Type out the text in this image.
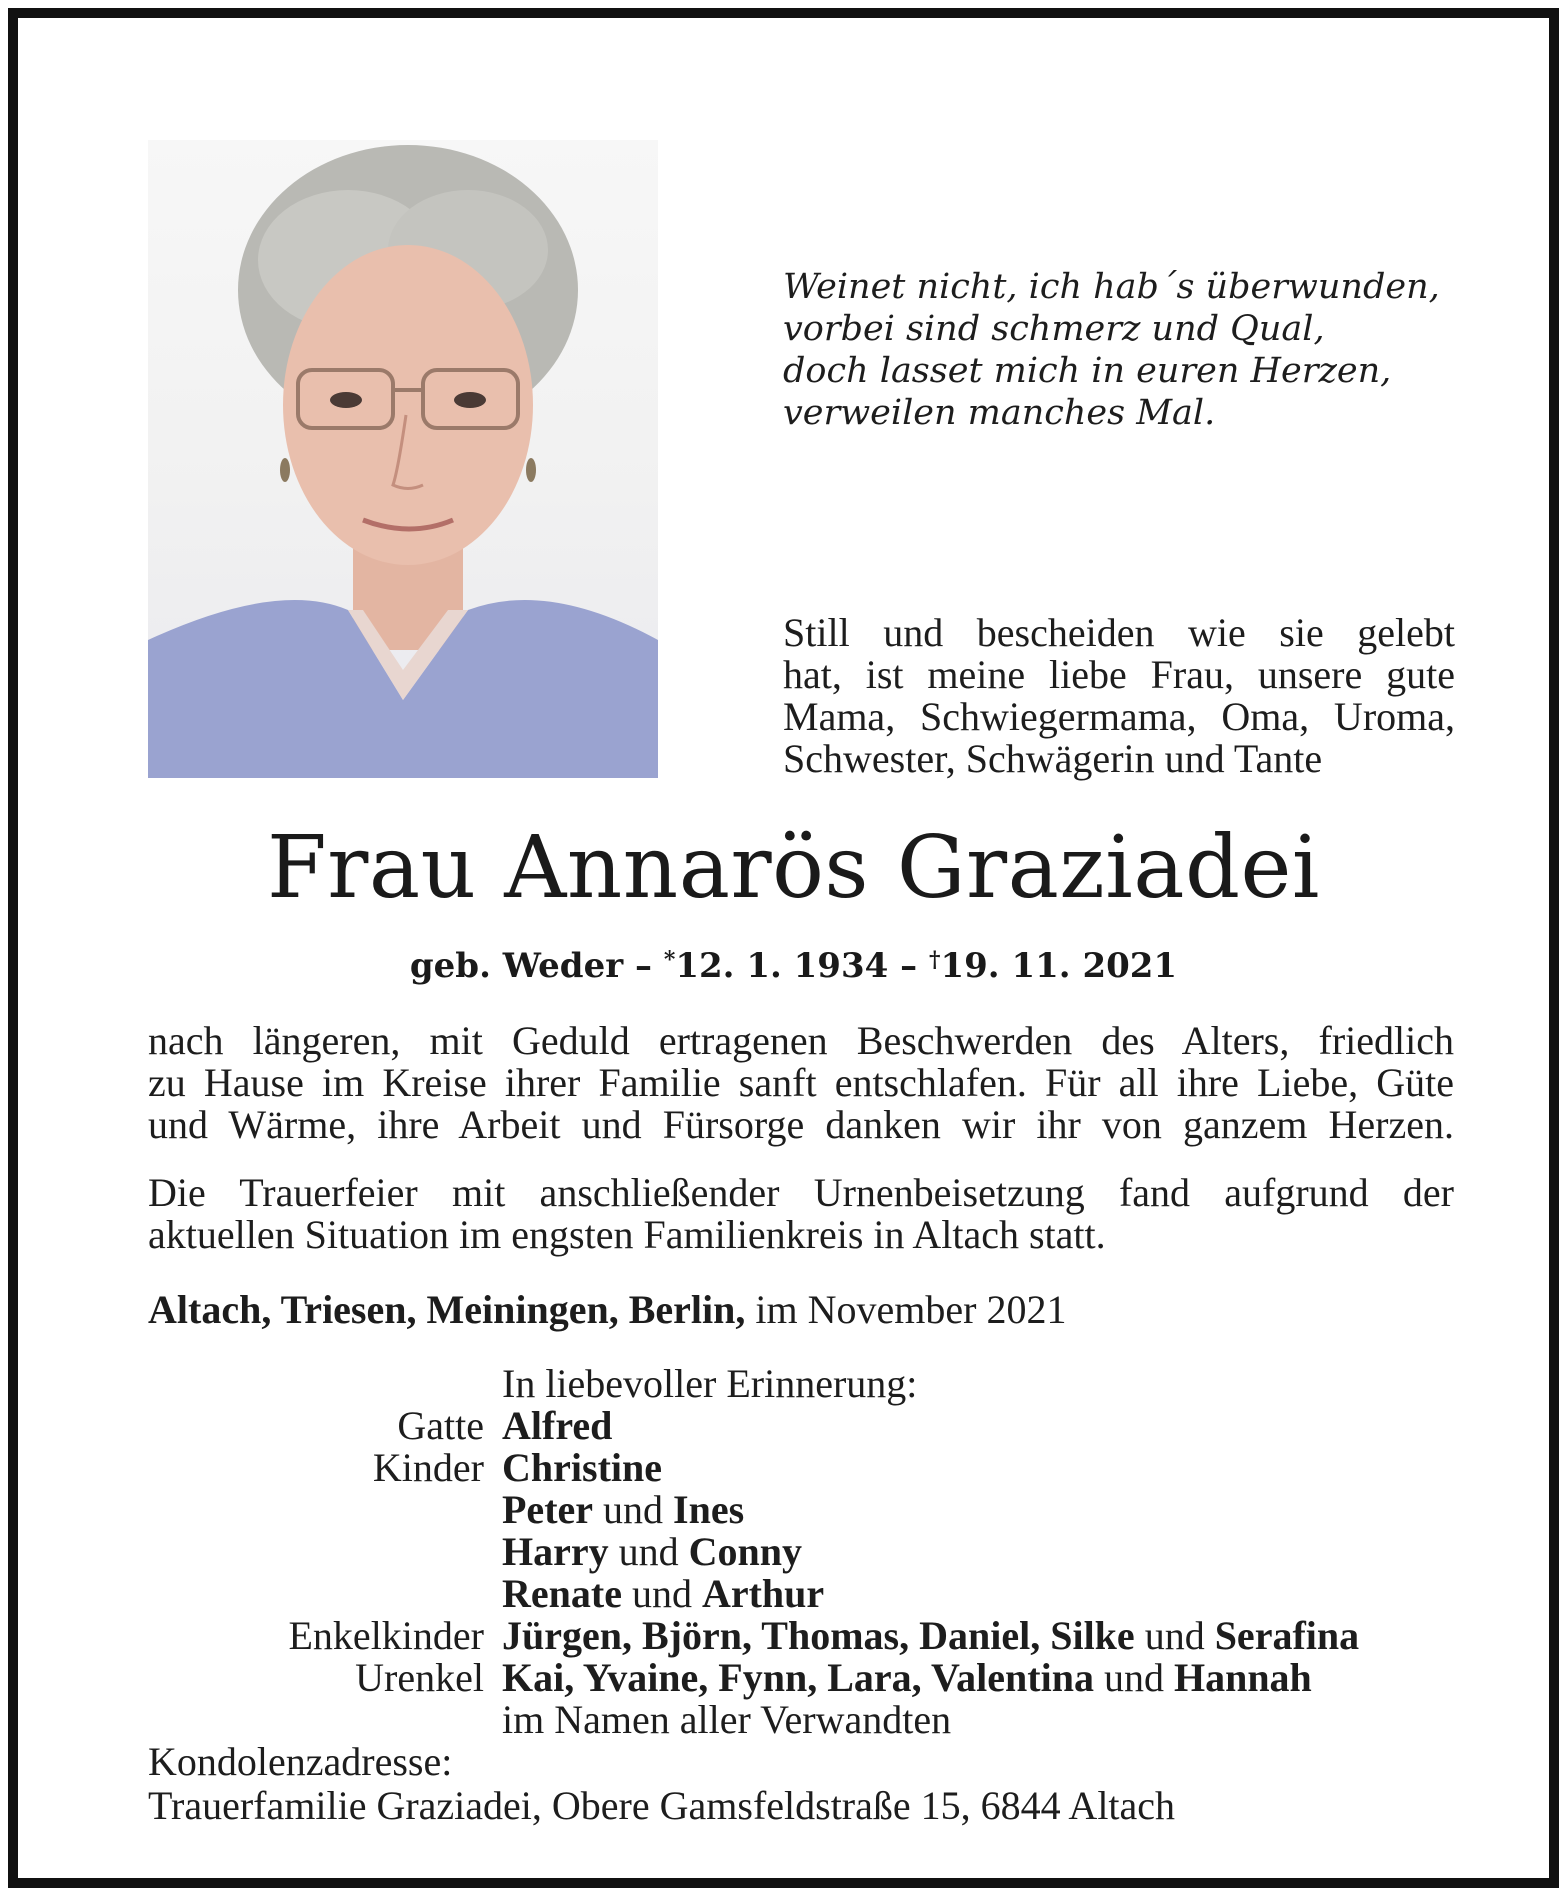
Weinet nicht, ich hab´s überwunden,
vorbei sind schmerz und Qual,
doch lasset mich in euren Herzen,
verweilen manches Mal.
Still und bescheiden wie sie gelebt
hat, ist meine liebe Frau, unsere gute
Mama, Schwiegermama, Oma, Uroma,
Schwester, Schwägerin und Tante
Frau Annarös Graziadei
geb. Weder – *12. 1. 1934 – †19. 11. 2021
nach längeren, mit Geduld ertragenen Beschwerden des Alters, friedlich
zu Hause im Kreise ihrer Familie sanft entschlafen. Für all ihre Liebe, Güte
und Wärme, ihre Arbeit und Fürsorge danken wir ihr von ganzem Herzen.
Die Trauerfeier mit anschließender Urnenbeisetzung fand aufgrund der
aktuellen Situation im engsten Familienkreis in Altach statt.
Altach, Triesen, Meiningen, Berlin, im November 2021
In liebevoller Erinnerung:
Gatte Alfred
Kinder Christine
Peter und Ines
Harry und Conny
Renate und Arthur
Enkelkinder Jürgen, Björn, Thomas, Daniel, Silke und Serafina
Urenkel Kai, Yvaine, Fynn, Lara, Valentina und Hannah
im Namen aller Verwandten
Kondolenzadresse:
Trauerfamilie Graziadei, Obere Gamsfeldstraße 15, 6844 Altach
